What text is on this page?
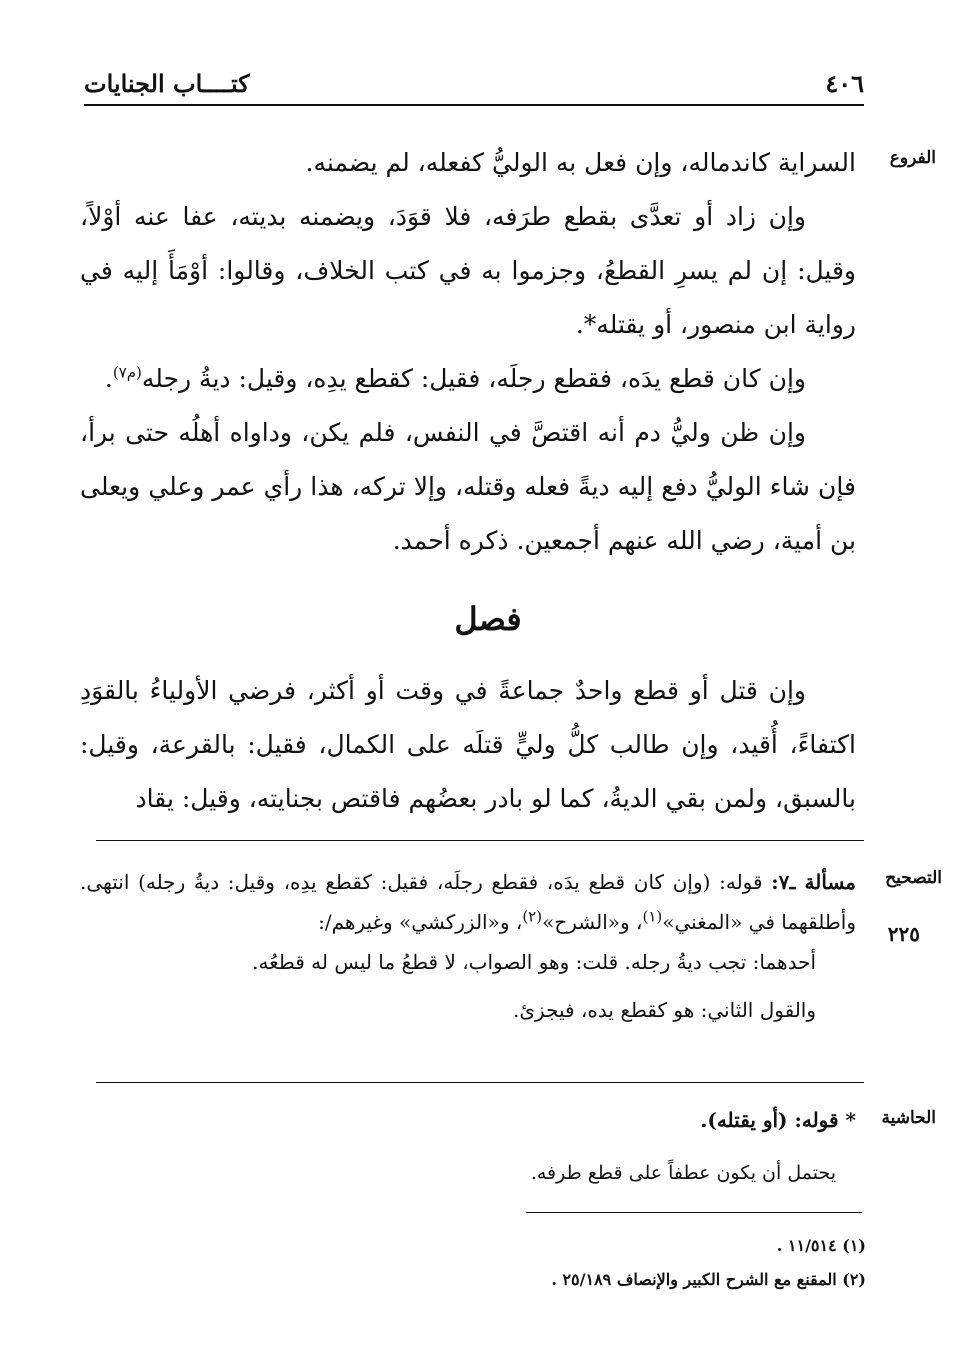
٤٠٦
كتــــاب الجنايات
الفروع

السراية كاندماله، وإن فعل به الوليُّ كفعله، لم يضمنه.

وإن زاد أو تعدَّى بقطع طرَفه، فلا قوَدَ، ويضمنه بديته، عفا عنه أوْلاً، وقيل: إن لم يسرِ القطعُ، وجزموا به في كتب الخلاف، وقالوا: أوْمَأَ إليه في رواية ابن منصور، أو يقتله*.

وإن كان قطع يدَه، فقطع رجلَه، فقيل: كقطع يدِه، وقيل: ديةُ رجله$^{(م٧)}$.

وإن ظن وليُّ دم أنه اقتصَّ في النفس، فلم يكن، وداواه أهلُه حتى برأ، فإن شاء الوليُّ دفع إليه ديةً فعله وقتله، وإلا تركه، هذا رأي عمر وعلي ويعلى بن أمية، رضي الله عنهم أجمعين. ذكره أحمد.

فصل

وإن قتل أو قطع واحدٌ جماعةً في وقت أو أكثر، فرضي الأولياءُ بالقوَدِ اكتفاءً، أُقيد، وإن طالب كلُّ وليٍّ قتلَه على الكمال، فقيل: بالقرعة، وقيل: بالسبق، ولمن بقي الديةُ، كما لو بادر بعضُهم فاقتص بجنايته، وقيل: يقاد

التصحيح
٢٢٥

مسألة ـ٧: قوله: (وإن كان قطع يدَه، فقطع رجلَه، فقيل: كقطع يدِه، وقيل: ديةُ رجله) انتهى. وأطلقهما في «المغني»$^{(١)}$، و«الشرح»$^{(٢)}$، و«الزركشي» وغيرهم/:

أحدهما: تجب ديةُ رجله. قلت: وهو الصواب، لا قطعُ ما ليس له قطعُه.

والقول الثاني: هو كقطع يده، فيجزئ.

الحاشية
* قوله: (أو يقتله).
يحتمل أن يكون عطفاً على قطع طرفه.
(١) ١١/٥١٤ .
(٢) المقنع مع الشرح الكبير والإنصاف ٢٥/١٨٩ .
